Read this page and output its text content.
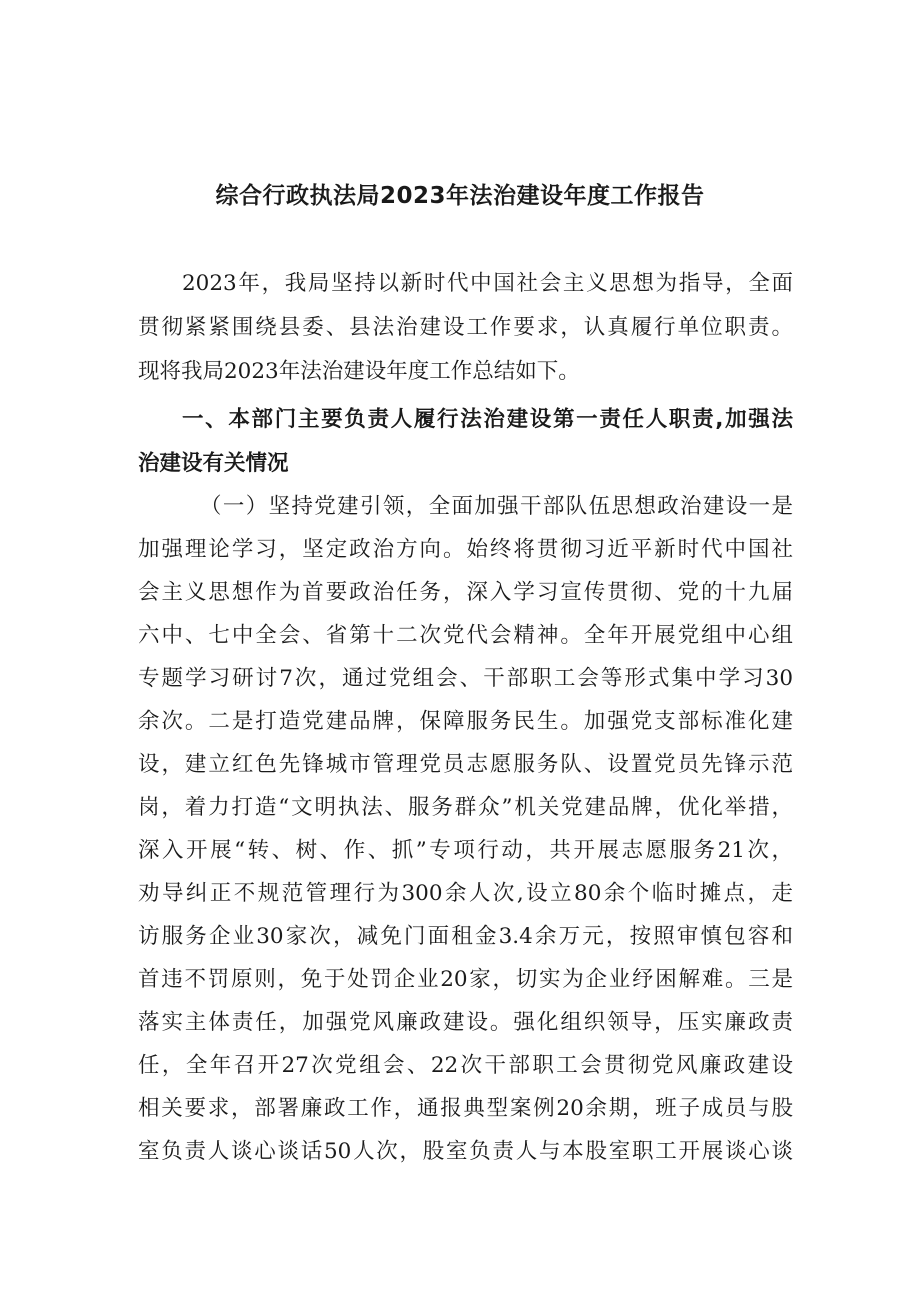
综合行政执法局2023年法治建设年度工作报告
2023年，我局坚持以新时代中国社会主义思想为指导，全面
贯彻紧紧围绕县委、县法治建设工作要求，认真履行单位职责。
现将我局2023年法治建设年度工作总结如下。
一、本部门主要负责人履行法治建设第一责任人职责,加强法
治建设有关情况
（一）坚持党建引领，全面加强干部队伍思想政治建设一是
加强理论学习，坚定政治方向。始终将贯彻习近平新时代中国社
会主义思想作为首要政治任务，深入学习宣传贯彻、党的十九届
六中、七中全会、省第十二次党代会精神。全年开展党组中心组
专题学习研讨7次，通过党组会、干部职工会等形式集中学习30
余次。二是打造党建品牌，保障服务民生。加强党支部标准化建
设，建立红色先锋城市管理党员志愿服务队、设置党员先锋示范
岗，着力打造“文明执法、服务群众”机关党建品牌，优化举措，
深入开展“转、树、作、抓”专项行动，共开展志愿服务21次，
劝导纠正不规范管理行为300余人次,设立80余个临时摊点，走
访服务企业30家次，减免门面租金3.4余万元，按照审慎包容和
首违不罚原则，免于处罚企业20家，切实为企业纾困解难。三是
落实主体责任，加强党风廉政建设。强化组织领导，压实廉政责
任，全年召开27次党组会、22次干部职工会贯彻党风廉政建设
相关要求，部署廉政工作，通报典型案例20余期，班子成员与股
室负责人谈心谈话50人次，股室负责人与本股室职工开展谈心谈
